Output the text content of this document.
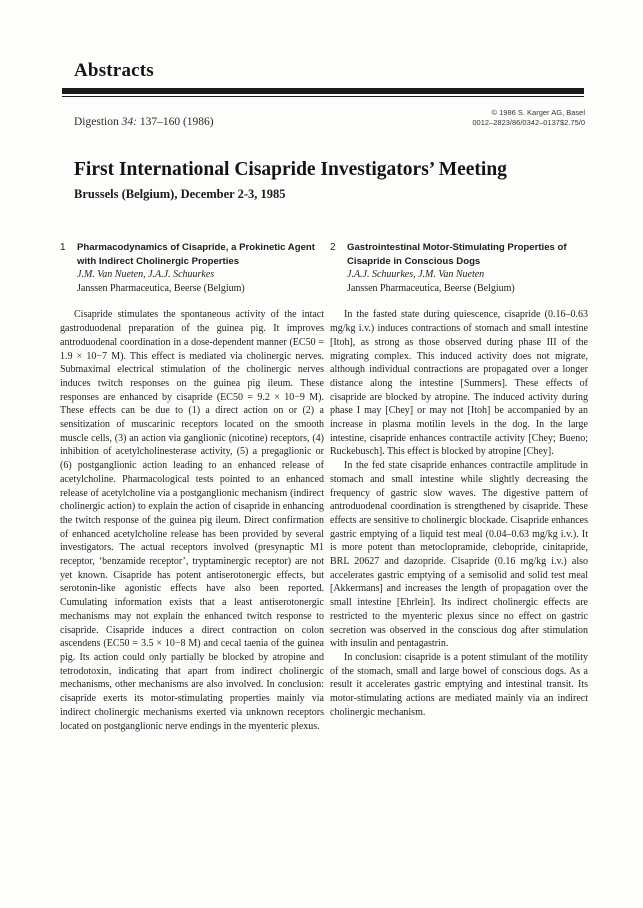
Abstracts
Digestion 34: 137–160 (1986)
© 1986 S. Karger AG, Basel
0012–2823/86/0342–0137$2.75/0
First International Cisapride Investigators’ Meeting
Brussels (Belgium), December 2-3, 1985
1 Pharmacodynamics of Cisapride, a Prokinetic Agent with Indirect Cholinergic Properties
J.M. Van Nueten, J.A.J. Schuurkes
Janssen Pharmaceutica, Beerse (Belgium)

Cisapride stimulates the spontaneous activity of the intact gastroduodenal preparation of the guinea pig. It improves antroduodenal coordination in a dose-dependent manner (EC50 = 1.9 × 10−7 M). This effect is mediated via cholinergic nerves. Submaximal electrical stimulation of the cholinergic nerves induces twitch responses on the guinea pig ileum. These responses are enhanced by cisapride (EC50 = 9.2 × 10−9 M). These effects can be due to (1) a direct action on or (2) a sensitization of muscarinic receptors located on the smooth muscle cells, (3) an action via ganglionic (nicotine) receptors, (4) inhibition of acetylcholinesterase activity, (5) a pregaglionic or (6) postganglionic action leading to an enhanced release of acetylcholine. Pharmacological tests pointed to an enhanced release of acetylcholine via a postganglionic mechanism (indirect cholinergic action) to explain the action of cisapride in enhancing the twitch response of the guinea pig ileum. Direct confirmation of enhanced acetylcholine release has been provided by several investigators. The actual receptors involved (presynaptic M1 receptor, ‘benzamide receptor’, tryptaminergic receptor) are not yet known. Cisapride has potent antiserotonergic effects, but serotonin-like agonistic effects have also been reported. Cumulating information exists that a least antiserotonergic mechanisms may not explain the enhanced twitch response to cisapride. Cisapride induces a direct contraction on colon ascendens (EC50 = 3.5 × 10−8 M) and cecal taenia of the guinea pig. Its action could only partially be blocked by atropine and tetrodotoxin, indicating that apart from indirect cholinergic mechanisms, other mechanisms are also involved. In conclusion: cisapride exerts its motor-stimulating properties mainly via indirect cholinergic mechanisms exerted via unknown receptors located on postganglionic nerve endings in the myenteric plexus.

2 Gastrointestinal Motor-Stimulating Properties of Cisapride in Conscious Dogs
J.A.J. Schuurkes, J.M. Van Nueten
Janssen Pharmaceutica, Beerse (Belgium)

In the fasted state during quiescence, cisapride (0.16–0.63 mg/kg i.v.) induces contractions of stomach and small intestine [Itoh], as strong as those observed during phase III of the migrating complex. This induced activity does not migrate, although individual contractions are propagated over a longer distance along the intestine [Summers]. These effects of cisapride are blocked by atropine. The induced activity during phase I may [Chey] or may not [Itoh] be accompanied by an increase in plasma motilin levels in the dog. In the large intestine, cisapride enhances contractile activity [Chey; Bueno; Ruckebusch]. This effect is blocked by atropine [Chey].

In the fed state cisapride enhances contractile amplitude in stomach and small intestine while slightly decreasing the frequency of gastric slow waves. The digestive pattern of antroduodenal coordination is strengthened by cisapride. These effects are sensitive to cholinergic blockade. Cisapride enhances gastric emptying of a liquid test meal (0.04–0.63 mg/kg i.v.). It is more potent than metoclopramide, clebopride, cinitapride, BRL 20627 and dazopride. Cisapride (0.16 mg/kg i.v.) also accelerates gastric emptying of a semisolid and solid test meal [Akkermans] and increases the length of propagation over the small intestine [Ehrlein]. Its indirect cholinergic effects are restricted to the myenteric plexus since no effect on gastric secretion was observed in the conscious dog after stimulation with insulin and pentagastrin.

In conclusion: cisapride is a potent stimulant of the motility of the stomach, small and large bowel of conscious dogs. As a result it accelerates gastric emptying and intestinal transit. Its motor-stimulating actions are mediated mainly via an indirect cholinergic mechanism.
